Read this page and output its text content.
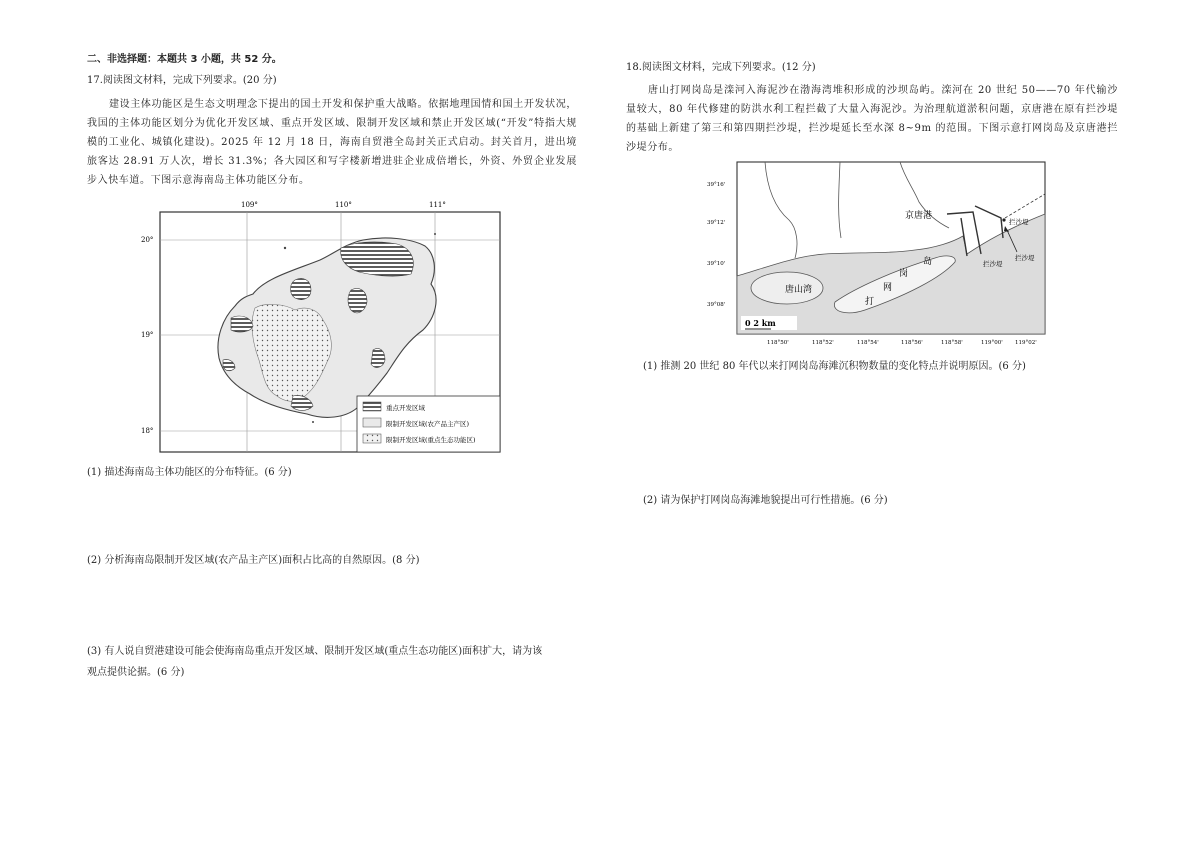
二、非选择题：本题共 3 小题，共 52 分。
17.阅读图文材料，完成下列要求。(20 分)
建设主体功能区是生态文明理念下提出的国土开发和保护重大战略。依据地理国情和国土开发状况，我国的主体功能区划分为优化开发区域、重点开发区域、限制开发区域和禁止开发区域(“开发”特指大规模的工业化、城镇化建设)。2025 年 12 月 18 日，海南自贸港全岛封关正式启动。封关首月，进出境旅客达 28.91 万人次，增长 31.3%；各大园区和写字楼新增进驻企业成倍增长，外资、外贸企业发展步入快车道。下图示意海南岛主体功能区分布。
109°	110°	111°
20°
19°
18°
重点开发区域
限制开发区域(农产品主产区)
限制开发区域(重点生态功能区)
(1) 描述海南岛主体功能区的分布特征。(6 分)
(2) 分析海南岛限制开发区域(农产品主产区)面积占比高的自然原因。(8 分)
(3) 有人说自贸港建设可能会使海南岛重点开发区域、限制开发区域(重点生态功能区)面积扩大，请为该
观点提供论据。(6 分)
18.阅读图文材料，完成下列要求。(12 分)
唐山打网岗岛是滦河入海泥沙在渤海湾堆积形成的沙坝岛屿。滦河在 20 世纪 50——70 年代输沙量较大，80 年代修建的防洪水利工程拦截了大量入海泥沙。为治理航道淤积问题，京唐港在原有拦沙堤的基础上新建了第三和第四期拦沙堤，拦沙堤延长至水深 8~9m 的范围。下图示意打网岗岛及京唐港拦沙堤分布。
京唐港
唐山湾
岛
岗
网
打
拦沙堤
拦沙堤
拦沙堤
0 2 km
39°16'
39°12'
39°10'
39°08'
118°50'	118°52'	118°54'	118°56'	118°58'	119°00' 119°02'
(1) 推测 20 世纪 80 年代以来打网岗岛海滩沉积物数量的变化特点并说明原因。(6 分)
(2) 请为保护打网岗岛海滩地貌提出可行性措施。(6 分)
